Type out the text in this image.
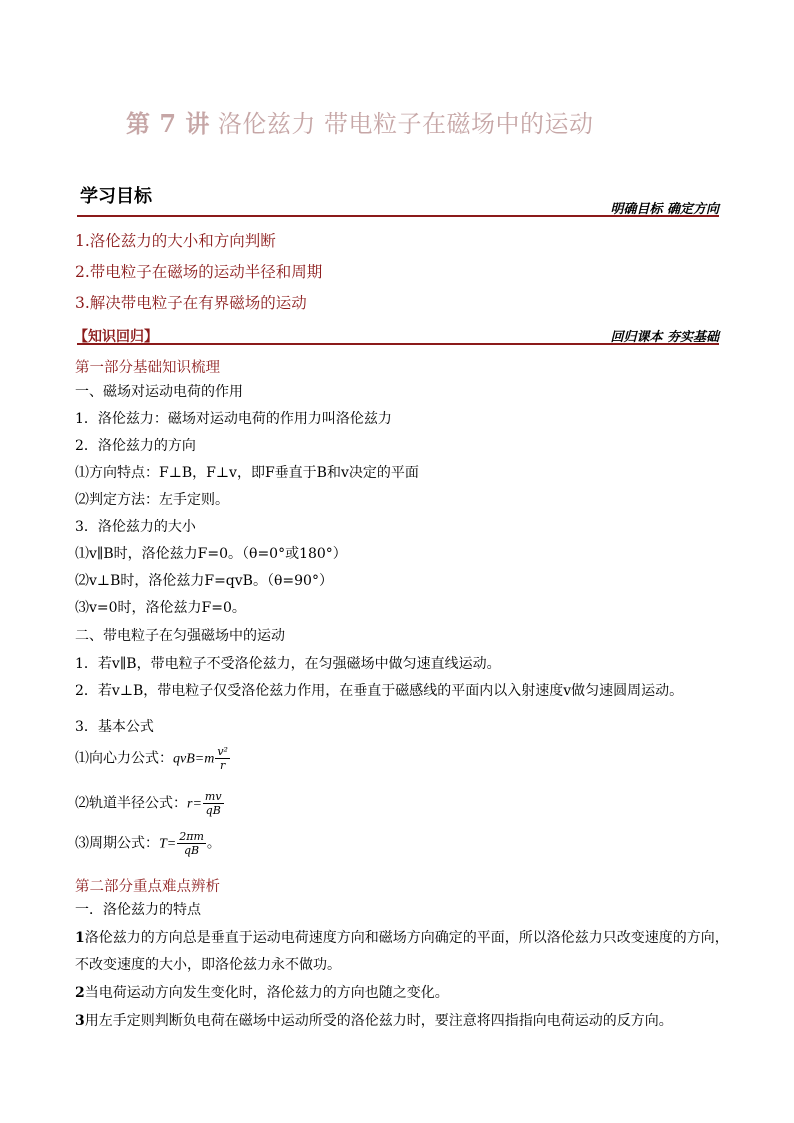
第 7 讲 洛伦兹力 带电粒子在磁场中的运动
学习目标
明确目标 确定方向
1.洛伦兹力的大小和方向判断
2.带电粒子在磁场的运动半径和周期
3.解决带电粒子在有界磁场的运动
【知识回归】	回归课本 夯实基础
第一部分基础知识梳理
一、磁场对运动电荷的作用
1．洛伦兹力：磁场对运动电荷的作用力叫洛伦兹力
2．洛伦兹力的方向
⑴方向特点：F⊥B，F⊥v，即F垂直于B和v决定的平面
⑵判定方法：左手定则。
3．洛伦兹力的大小
⑴v∥B时，洛伦兹力F=0。（θ=0°或180°）
⑵v⊥B时，洛伦兹力F=qvB。（θ=90°）
⑶v=0时，洛伦兹力F=0。
二、带电粒子在匀强磁场中的运动
1．若v∥B，带电粒子不受洛伦兹力，在匀强磁场中做匀速直线运动。
2．若v⊥B，带电粒子仅受洛伦兹力作用，在垂直于磁感线的平面内以入射速度v做匀速圆周运动。
3．基本公式
⑴向心力公式：$qvB=m \frac{\text{v²}}{r}$
⑵轨道半径公式：$r= \frac{mv}{qB}$
⑶周期公式：$T= \frac{2\pi m}{qB}$ 。
第二部分重点难点辨析
一．洛伦兹力的特点
1洛伦兹力的方向总是垂直于运动电荷速度方向和磁场方向确定的平面，所以洛伦兹力只改变速度的方向，
不改变速度的大小，即洛伦兹力永不做功。
2当电荷运动方向发生变化时，洛伦兹力的方向也随之变化。
3用左手定则判断负电荷在磁场中运动所受的洛伦兹力时，要注意将四指指向电荷运动的反方向。
